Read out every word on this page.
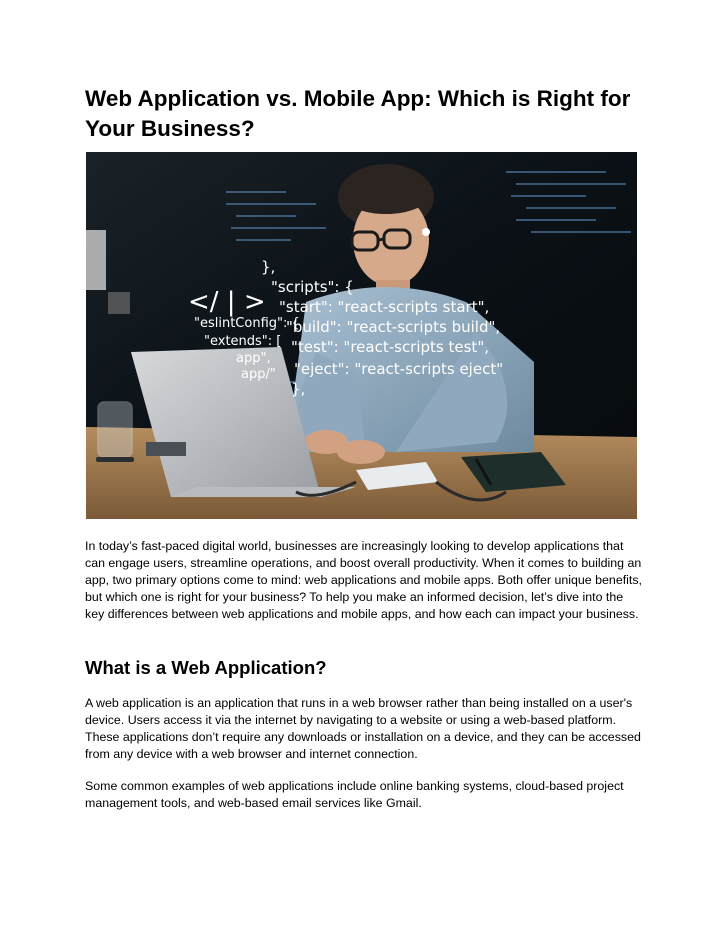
Web Application vs. Mobile App: Which is Right for Your Business?
},
"scripts": {
"start": "react-scripts start",
"build": "react-scripts build",
"test": "react-scripts test",
"eject": "react-scripts eject"
},
"eslintConfig": {
"extends": [
app",
app/"
</ | >

In today’s fast-paced digital world, businesses are increasingly looking to develop applications that can engage users, streamline operations, and boost overall productivity. When it comes to building an app, two primary options come to mind: web applications and mobile apps. Both offer unique benefits, but which one is right for your business? To help you make an informed decision, let’s dive into the key differences between web applications and mobile apps, and how each can impact your business.

What is a Web Application?

A web application is an application that runs in a web browser rather than being installed on a user's device. Users access it via the internet by navigating to a website or using a web-based platform. These applications don’t require any downloads or installation on a device, and they can be accessed from any device with a web browser and internet connection.

Some common examples of web applications include online banking systems, cloud-based project management tools, and web-based email services like Gmail.
